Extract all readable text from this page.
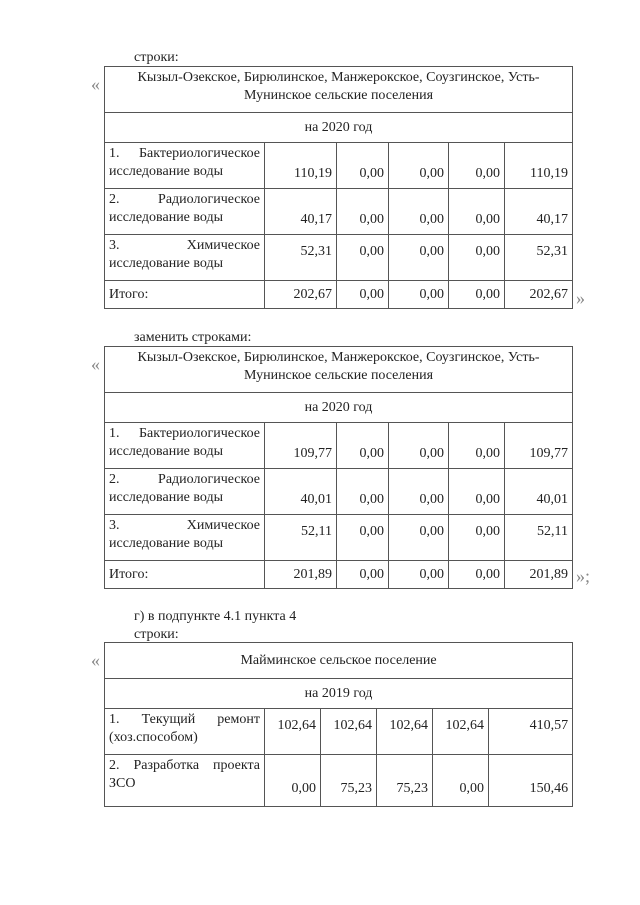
строки:
«	Кызыл-Озекское, Бирюлинское, Манжерокское, Соузгинское, Усть-
Мунинское сельские поселения					
на 2020 год					
1. Бактериологическое
исследование воды	110,19	0,00	0,00	0,00	110,19
2. Радиологическое
исследование воды	40,17	0,00	0,00	0,00	40,17
3. Химическое
исследование воды	52,31	0,00	0,00	0,00	52,31
Итого:	202,67	0,00	0,00	0,00	202,67 »
заменить строками:
«	Кызыл-Озекское, Бирюлинское, Манжерокское, Соузгинское, Усть-
Мунинское сельские поселения					
на 2020 год					
1. Бактериологическое
исследование воды	109,77	0,00	0,00	0,00	109,77
2. Радиологическое
исследование воды	40,01	0,00	0,00	0,00	40,01
3. Химическое
исследование воды	52,11	0,00	0,00	0,00	52,11
Итого:	201,89	0,00	0,00	0,00	201,89 »;
г) в подпункте 4.1 пункта 4
строки:
«	Майминское сельское поселение					
на 2019 год					
1. Текущий ремонт
(хоз.способом)	102,64	102,64	102,64	102,64	410,57
2. Разработка проекта
ЗСО	0,00	75,23	75,23	0,00	150,46
